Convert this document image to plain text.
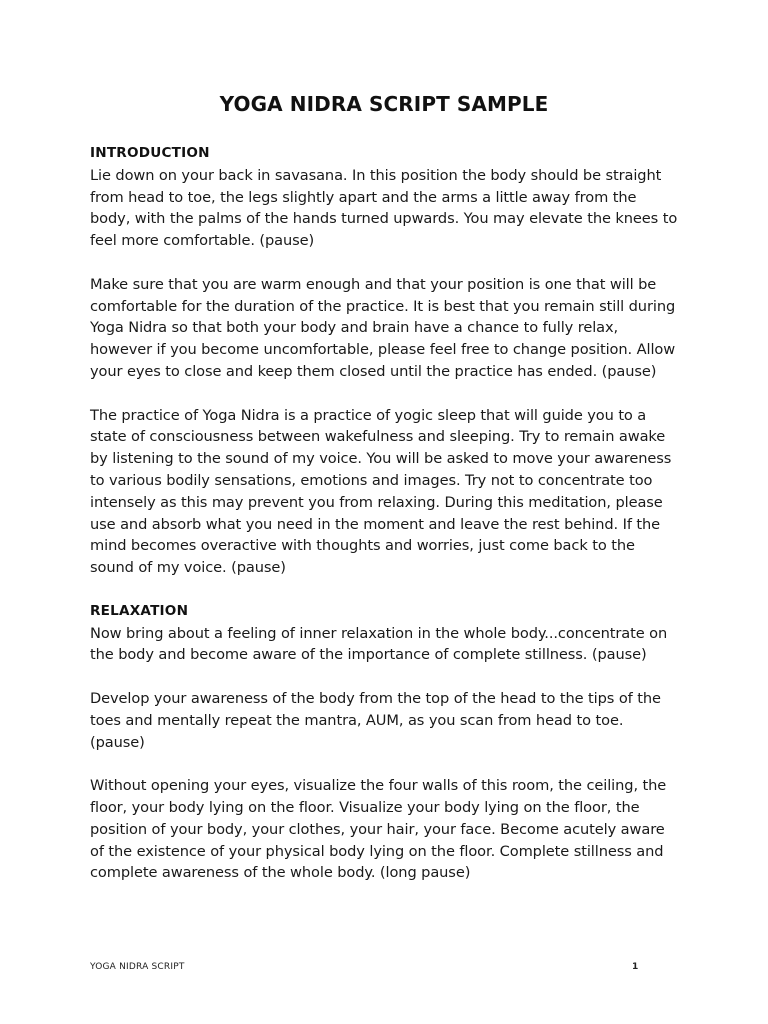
YOGA NIDRA SCRIPT SAMPLE

INTRODUCTION

Lie down on your back in savasana. In this position the body should be straight from head to toe, the legs slightly apart and the arms a little away from the body, with the palms of the hands turned upwards. You may elevate the knees to feel more comfortable. (pause)

Make sure that you are warm enough and that your position is one that will be comfortable for the duration of the practice. It is best that you remain still during Yoga Nidra so that both your body and brain have a chance to fully relax, however if you become uncomfortable, please feel free to change position. Allow your eyes to close and keep them closed until the practice has ended. (pause)

The practice of Yoga Nidra is a practice of yogic sleep that will guide you to a state of consciousness between wakefulness and sleeping. Try to remain awake by listening to the sound of my voice. You will be asked to move your awareness to various bodily sensations, emotions and images. Try not to concentrate too intensely as this may prevent you from relaxing. During this meditation, please use and absorb what you need in the moment and leave the rest behind. If the mind becomes overactive with thoughts and worries, just come back to the sound of my voice. (pause)

RELAXATION

Now bring about a feeling of inner relaxation in the whole body...concentrate on the body and become aware of the importance of complete stillness. (pause)

Develop your awareness of the body from the top of the head to the tips of the toes and mentally repeat the mantra, AUM, as you scan from head to toe. (pause)

Without opening your eyes, visualize the four walls of this room, the ceiling, the floor, your body lying on the floor. Visualize your body lying on the floor, the position of your body, your clothes, your hair, your face. Become acutely aware of the existence of your physical body lying on the floor. Complete stillness and complete awareness of the whole body. (long pause)

YOGA NIDRA SCRIPT	1
